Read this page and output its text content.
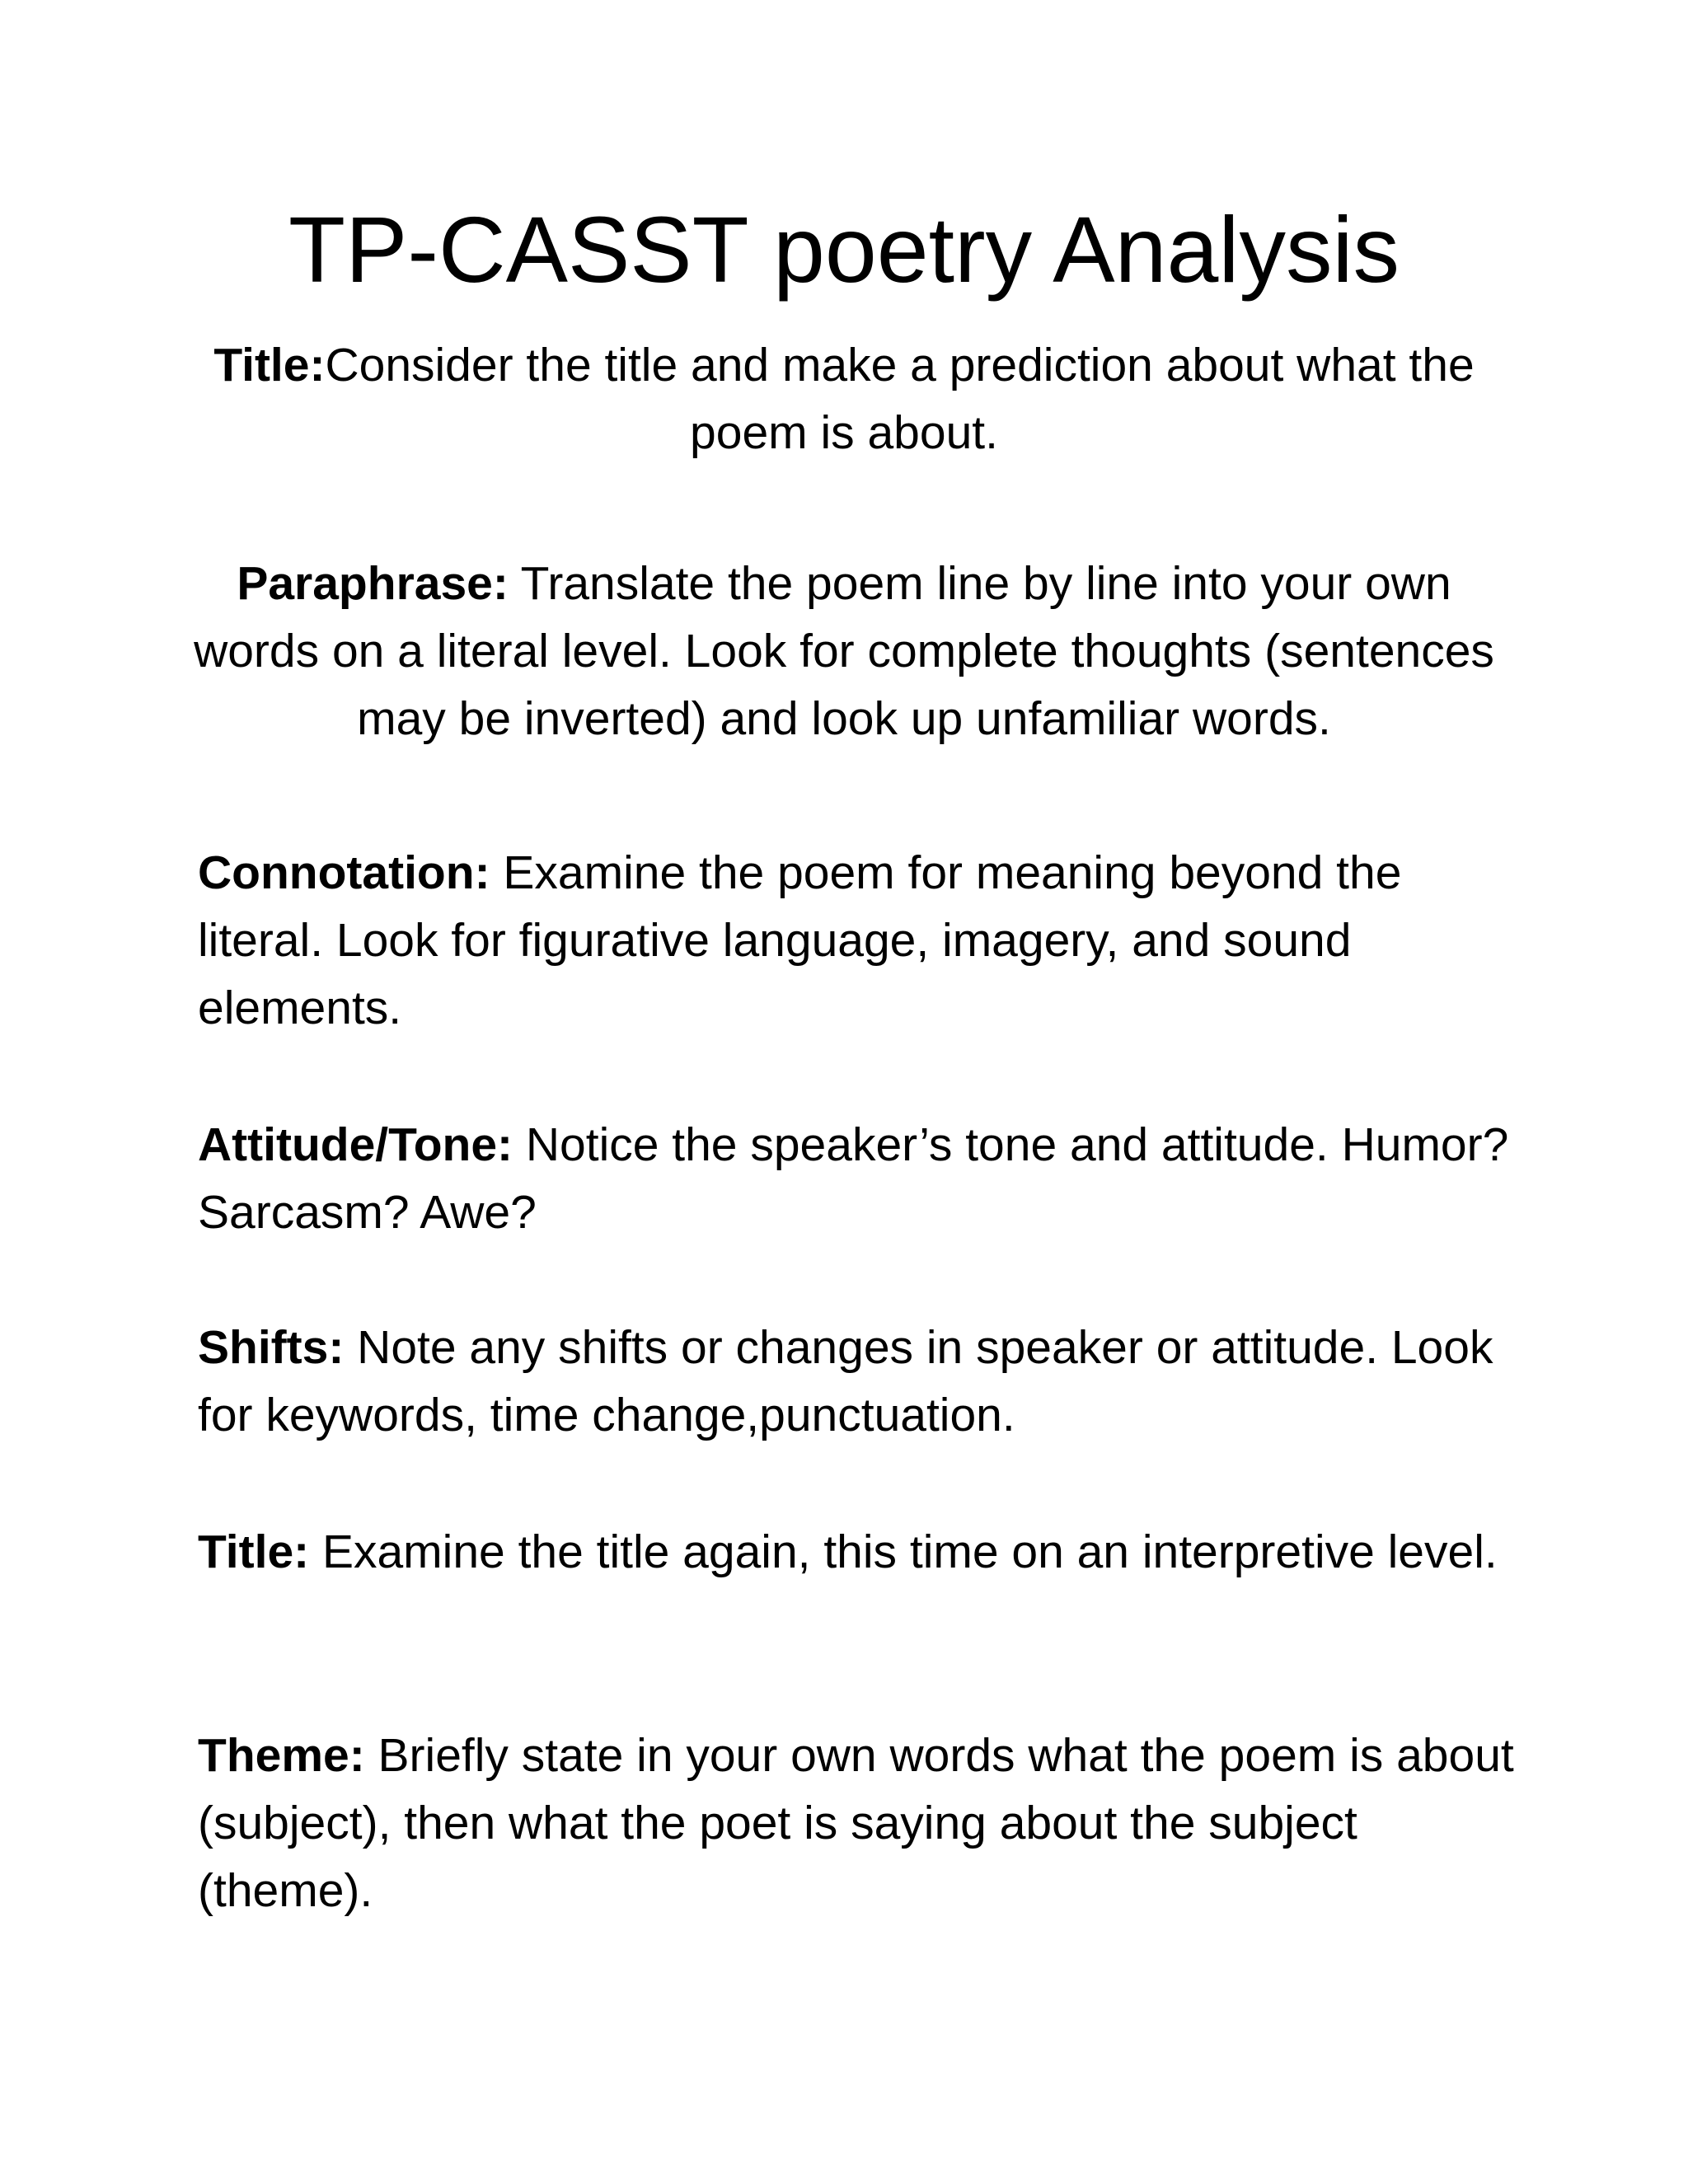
TP-CASST poetry Analysis
Title:Consider the title and make a prediction about what the poem is about.
Paraphrase: Translate the poem line by line into your own words on a literal level. Look for complete thoughts (sentences may be inverted) and look up unfamiliar words.
Connotation: Examine the poem for meaning beyond the literal. Look for figurative language, imagery, and sound elements.
Attitude/Tone: Notice the speaker’s tone and attitude. Humor? Sarcasm? Awe?
Shifts: Note any shifts or changes in speaker or attitude. Look for keywords, time change,punctuation.
Title: Examine the title again, this time on an interpretive level.
Theme: Briefly state in your own words what the poem is about (subject), then what the poet is saying about the subject (theme).
